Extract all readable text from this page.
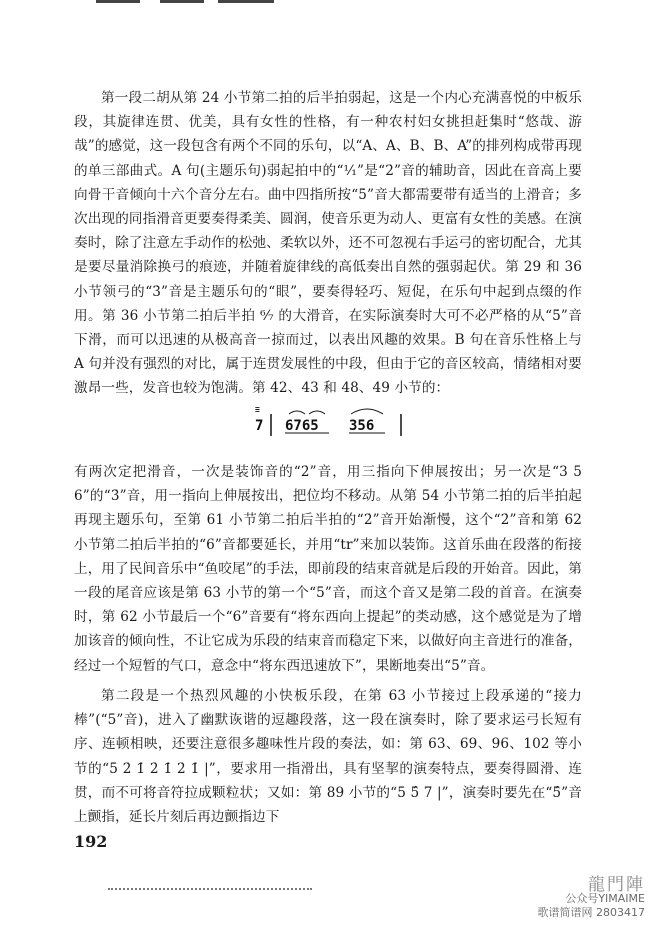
第一段二胡从第 24 小节第二拍的后半拍弱起，这是一个内心充满喜悦的中板乐段，其旋律连贯、优美，具有女性的性格，有一种农村妇女挑担赶集时“悠哉、游哉”的感觉，这一段包含有两个不同的乐句，以“A、A、B、B、A”的排列构成带再现的单三部曲式。A 句(主题乐句)弱起拍中的“¹⁄₁”是“2̇”音的辅助音，因此在音高上要向骨干音倾向十六个音分左右。曲中四指所按“5̇”音大都需要带有适当的上滑音；多次出现的同指滑音更要奏得柔美、圆润，使音乐更为动人、更富有女性的美感。在演奏时，除了注意左手动作的松弛、柔软以外，还不可忽视右手运弓的密切配合，尤其是要尽量消除换弓的痕迹，并随着旋律线的高低奏出自然的强弱起伏。第 29 和 36 小节领弓的“3̇”音是主题乐句的“眼”，要奏得轻巧、短促，在乐句中起到点缀的作用。第 36 小节第二拍后半拍 ⁶⁄₇ 的大滑音，在实际演奏时大可不必严格的从“5̇”音下滑，而可以迅速的从极高音一掠而过，以表出风趣的效果。B 句在音乐性格上与 A 句并没有强烈的对比，属于连贯发展性的中段，但由于它的音区较高，情绪相对要激昂一些，发音也较为饱满。第 42、43 和 48、49 小节的：

7
≡
6765 356

有两次定把滑音，一次是装饰音的“2̇”音，用三指向下伸展按出；另一次是“3 5 6”的“3̇”音，用一指向上伸展按出，把位均不移动。从第 54 小节第二拍的后半拍起再现主题乐句，至第 61 小节第二拍后半拍的“2̇”音开始渐慢，这个“2̇”音和第 62 小节第二拍后半拍的“6”音都要延长，并用“tr”来加以装饰。这首乐曲在段落的衔接上，用了民间音乐中“鱼咬尾”的手法，即前段的结束音就是后段的开始音。因此，第一段的尾音应该是第 63 小节的第一个“5”音，而这个音又是第二段的首音。在演奏时，第 62 小节最后一个“6”音要有“将东西向上提起”的类动感，这个感觉是为了增加该音的倾向性，不让它成为乐段的结束音而稳定下来，以做好向主音进行的准备，经过一个短暂的气口，意念中“将东西迅速放下”，果断地奏出“5”音。

第二段是一个热烈风趣的小快板乐段，在第 63 小节接过上段承递的“接力棒”(“5”音)，进入了幽默诙谐的逗趣段落，这一段在演奏时，除了要求运弓长短有序、连顿相映，还要注意很多趣味性片段的奏法，如：第 63、69、96、102 等小节的“5 2̇ 1̇ 2̇ 1̇ 2̇ 1̇ |”，要求用一指滑出，具有坚挈的演奏特点，要奏得圆滑、连贯，而不可将音符拉成颗粒状；又如：第 89 小节的“5 5̂ 7 |”，演奏时要先在“5̂”音上颤指，延长片刻后再边颤指边下

192
龍門陣
公众号YIMAIME
歌谱简谱网 2803417
